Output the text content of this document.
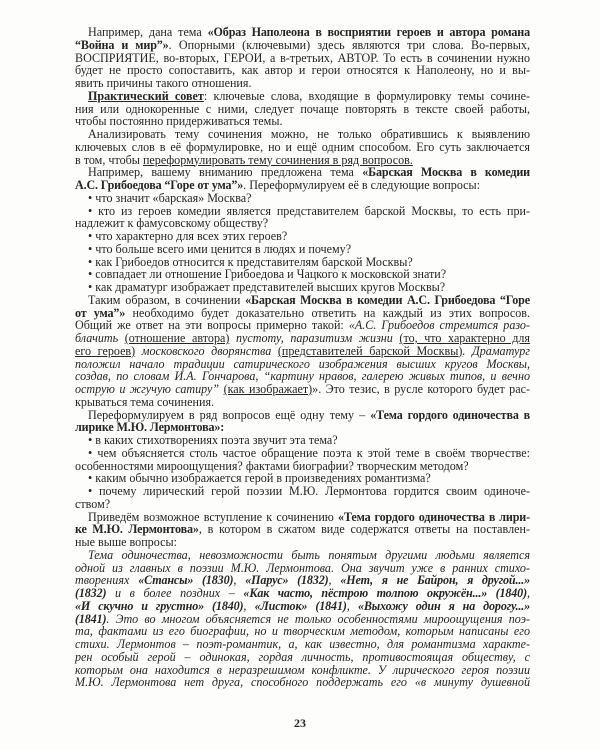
Например, дана тема «Образ Наполеона в восприятии героев и автора романа
“Война и мир”». Опорными (ключевыми) здесь являются три слова. Во-первых,
ВОСПРИЯТИЕ, во-вторых, ГЕРОИ, а в-третьих, АВТОР. То есть в сочинении нужно
будет не просто сопоставить, как автор и герои относятся к Наполеону, но и вы-
явить причины такого отношения.
Практический совет: ключевые слова, входящие в формулировку темы сочине-
ния или однокоренные с ними, следует почаще повторять в тексте своей работы,
чтобы постоянно придерживаться темы.
Анализировать тему сочинения можно, не только обратившись к выявлению
ключевых слов в её формулировке, но и ещё одним способом. Его суть заключается
в том, чтобы переформулировать тему сочинения в ряд вопросов.
Например, вашему вниманию предложена тема «Барская Москва в комедии
А.С. Грибоедова “Горе от ума”». Переформулируем её в следующие вопросы:
• что значит «барская» Москва?
• кто из героев комедии является представителем барской Москвы, то есть при-
надлежит к фамусовскому обществу?
• что характерно для всех этих героев?
• что больше всего ими ценится в людях и почему?
• как Грибоедов относится к представителям барской Москвы?
• совпадает ли отношение Грибоедова и Чацкого к московской знати?
• как драматург изображает представителей высших кругов Москвы?
Таким образом, в сочинении «Барская Москва в комедии А.С. Грибоедова “Горе
от ума”» необходимо будет доказательно ответить на каждый из этих вопросов.
Общий же ответ на эти вопросы примерно такой: «А.С. Грибоедов стремится разо-
блачить (отношение автора) пустоту, паразитизм жизни (то, что характерно для
его героев) московского дворянства (представителей барской Москвы). Драматург
положил начало традиции сатирического изображения высших кругов Москвы,
создав, по словам И.А. Гончарова, “картину нравов, галерею живых типов, и вечно
острую и жгучую сатиру” (как изображает)». Это тезис, в русле которого будет рас-
крываться тема сочинения.
Переформулируем в ряд вопросов ещё одну тему – «Тема гордого одиночества в
лирике М.Ю. Лермонтова»:
• в каких стихотворениях поэта звучит эта тема?
• чем объясняется столь частое обращение поэта к этой теме в своём творчестве:
особенностями мироощущения? фактами биографии? творческим методом?
• каким обычно изображается герой в произведениях романтизма?
• почему лирический герой поэзии М.Ю. Лермонтова гордится своим одиноче-
ством?
Приведём возможное вступление к сочинению «Тема гордого одиночества в лири-
ке М.Ю. Лермонтова», в котором в сжатом виде содержатся ответы на поставлен-
ные выше вопросы:
Тема одиночества, невозможности быть понятым другими людьми является
одной из главных в поэзии М.Ю. Лермонтова. Она звучит уже в ранних стихо-
творениях «Стансы» (1830), «Парус» (1832), «Нет, я не Байрон, я другой...»
(1832) и в более поздних – «Как часто, пёстрою толпою окружён...» (1840),
«И скучно и грустно» (1840), «Листок» (1841), «Выхожу один я на дорогу...»
(1841). Это во многом объясняется не только особенностями мироощущения поэ-
та, фактами из его биографии, но и творческим методом, которым написаны его
стихи. Лермонтов – поэт-романтик, а, как известно, для романтизма характе-
рен особый герой – одинокая, гордая личность, противостоящая обществу, с
которым она находится в неразрешимом конфликте. У лирического героя поэзии
М.Ю. Лермонтова нет друга, способного поддержать его «в минуту душевной
23
